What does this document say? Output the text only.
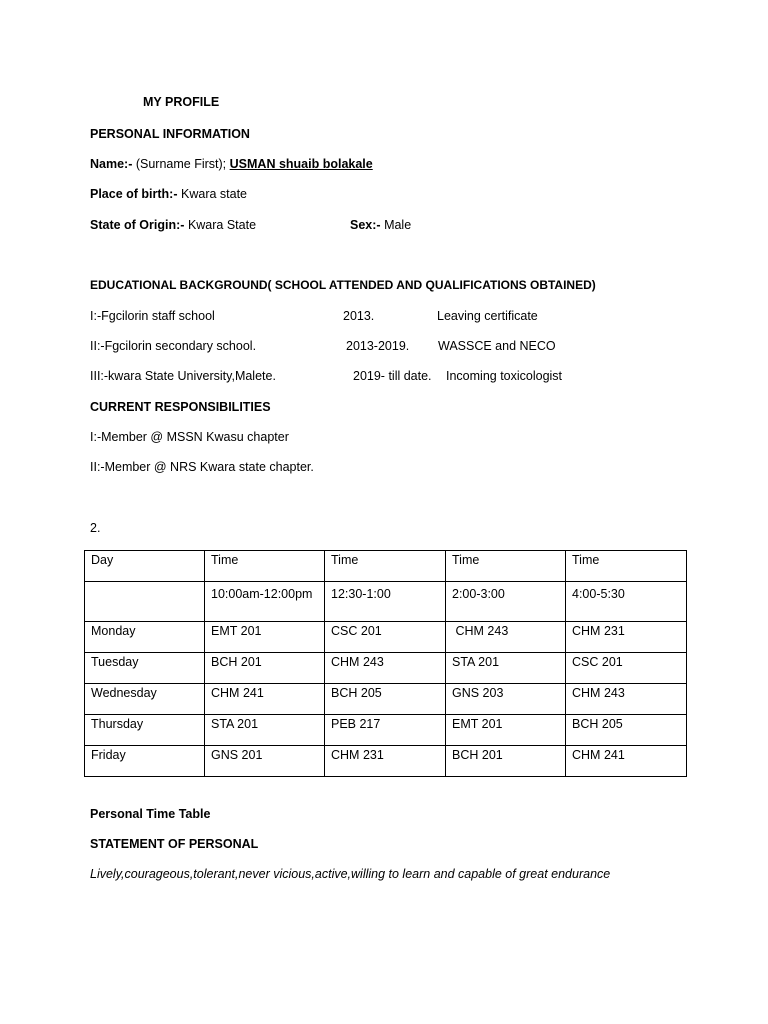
MY PROFILE
PERSONAL INFORMATION
Name:- (Surname First); USMAN shuaib bolakale
Place of birth:- Kwara state
State of Origin:- Kwara State	Sex:- Male
EDUCATIONAL BACKGROUND( SCHOOL ATTENDED AND QUALIFICATIONS OBTAINED)
I:-Fgcilorin staff school	2013.	Leaving certificate
II:-Fgcilorin secondary school.	2013-2019. WASSCE and NECO
III:-kwara State University,Malete.	2019- till date. Incoming toxicologist
CURRENT RESPONSIBILITIES
I:-Member @ MSSN Kwasu chapter
II:-Member @ NRS Kwara state chapter.
2.
Day	Time	Time	Time	Time
	10:00am-12:00pm	12:30-1:00	2:00-3:00	4:00-5:30
Monday	EMT 201	CSC 201	CHM 243	CHM 231
Tuesday	BCH 201	CHM 243	STA 201	CSC 201
Wednesday	CHM 241	BCH 205	GNS 203	CHM 243
Thursday	STA 201	PEB 217	EMT 201	BCH 205
Friday	GNS 201	CHM 231	BCH 201	CHM 241
Personal Time Table
STATEMENT OF PERSONAL
Lively,courageous,tolerant,never vicious,active,willing to learn and capable of great endurance
